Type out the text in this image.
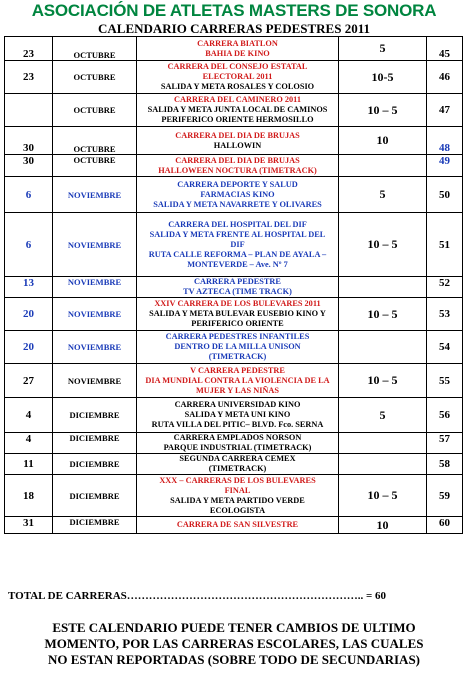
ASOCIACIÓN DE ATLETAS MASTERS DE SONORA
CALENDARIO CARRERAS PEDESTRES 2011
23	OCTUBRE	CARRERA BIATLON
BAHIA DE KINO	5	45
23	OCTUBRE	CARRERA DEL CONSEJO ESTATAL
ELECTORAL 2011
SALIDA Y META ROSALES Y COLOSIO	10-5	46
	OCTUBRE	CARRERA DEL CAMINERO 2011
SALIDA Y META JUNTA LOCAL DE CAMINOS
PERIFERICO ORIENTE HERMOSILLO	10 – 5	47
30	OCTUBRE	CARRERA DEL DIA DE BRUJAS
HALLOWIN	10	48
30	OCTUBRE	CARRERA DEL DIA DE BRUJAS
HALLOWEEN NOCTURA (TIMETRACK)		49
6	NOVIEMBRE	CARRERA DEPORTE Y SALUD
FARMACIAS KINO
SALIDA Y META NAVARRETE Y OLIVARES	5	50
6	NOVIEMBRE	CARRERA DEL HOSPITAL DEL DIF
SALIDA Y META FRENTE AL HOSPITAL DEL
DIF
RUTA CALLE REFORMA – PLAN DE AYALA –
MONTEVERDE – Ave. Nº 7	10 – 5	51
13	NOVIEMBRE	CARRERA PEDESTRE
TV AZTECA (TIME TRACK)		52
20	NOVIEMBRE	XXIV CARRERA DE LOS BULEVARES 2011
SALIDA Y META BULEVAR EUSEBIO KINO Y
PERIFERICO ORIENTE	10 – 5	53
20	NOVIEMBRE	CARRERA PEDESTRES INFANTILES
DENTRO DE LA MILLA UNISON
(TIMETRACK)		54
27	NOVIEMBRE	V CARRERA PEDESTRE
DIA MUNDIAL CONTRA LA VIOLENCIA DE LA
MUJER Y LAS NIÑAS	10 – 5	55
4	DICIEMBRE	CARRERA UNIVERSIDAD KINO
SALIDA Y META UNI KINO
RUTA VILLA DEL PITIC– BLVD. Fco. SERNA	5	56
4	DICIEMBRE	CARRERA EMPLADOS NORSON
PARQUE INDUSTRIAL (TIMETRACK)		57
11	DICIEMBRE	SEGUNDA CARRERA CEMEX
(TIMETRACK)		58
18	DICIEMBRE	XXX – CARRERAS DE LOS BULEVARES
FINAL
SALIDA Y META PARTIDO VERDE
ECOLOGISTA	10 – 5	59
31	DICIEMBRE	CARRERA DE SAN SILVESTRE	10	60
TOTAL DE CARRERAS……………………………………………………….. = 60
ESTE CALENDARIO PUEDE TENER CAMBIOS DE ULTIMO
MOMENTO, POR LAS CARRERAS ESCOLARES, LAS CUALES
NO ESTAN REPORTADAS (SOBRE TODO DE SECUNDARIAS)
